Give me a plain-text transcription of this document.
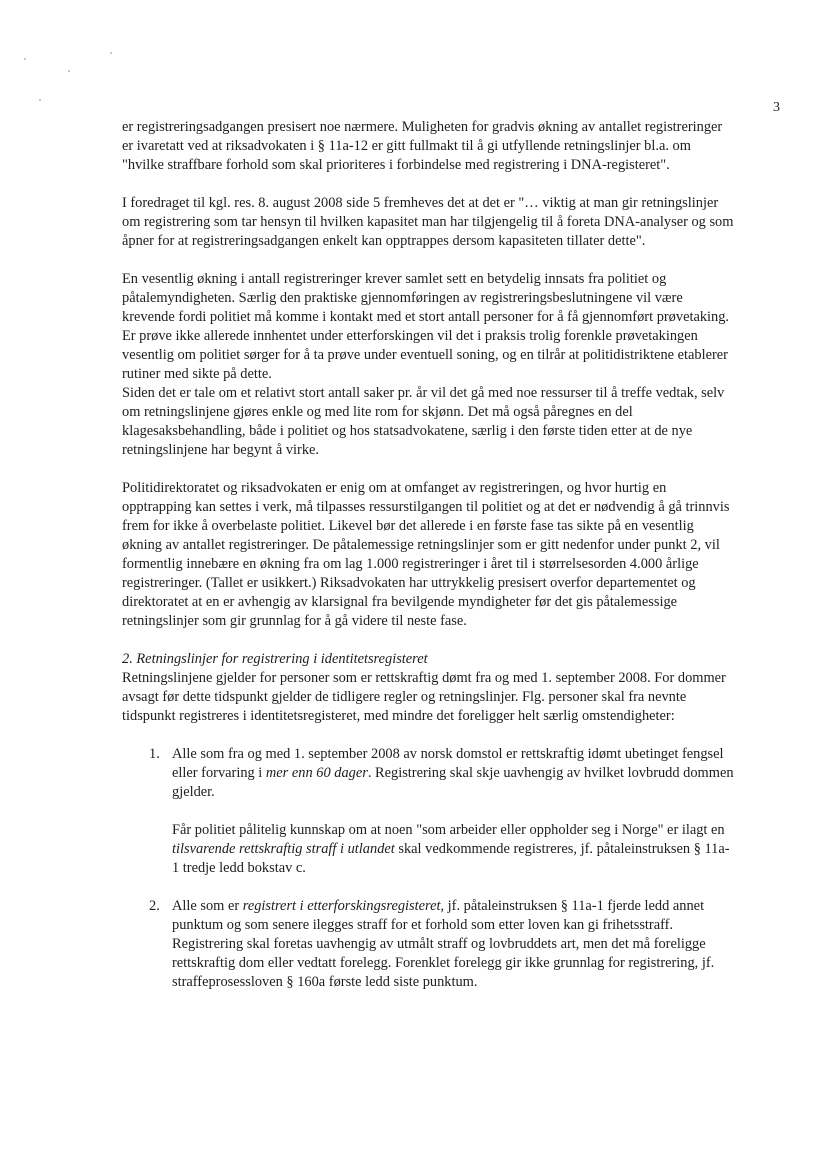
3

er registreringsadgangen presisert noe nærmere. Muligheten for gradvis økning av antallet registreringer er ivaretatt ved at riksadvokaten i § 11a-12 er gitt fullmakt til å gi utfyllende retningslinjer bl.a. om "hvilke straffbare forhold som skal prioriteres i forbindelse med registrering i DNA-registeret".

I foredraget til kgl. res. 8. august 2008 side 5 fremheves det at det er "… viktig at man gir retningslinjer om registrering som tar hensyn til hvilken kapasitet man har tilgjengelig til å foreta DNA-analyser og som åpner for at registreringsadgangen enkelt kan opptrappes dersom kapasiteten tillater dette".

En vesentlig økning i antall registreringer krever samlet sett en betydelig innsats fra politiet og påtalemyndigheten. Særlig den praktiske gjennomføringen av registreringsbeslutningene vil være krevende fordi politiet må komme i kontakt med et stort antall personer for å få gjennomført prøvetaking. Er prøve ikke allerede innhentet under etterforskingen vil det i praksis trolig forenkle prøvetakingen vesentlig om politiet sørger for å ta prøve under eventuell soning, og en tilrår at politidistriktene etablerer rutiner med sikte på dette.

Siden det er tale om et relativt stort antall saker pr. år vil det gå med noe ressurser til å treffe vedtak, selv om retningslinjene gjøres enkle og med lite rom for skjønn. Det må også påregnes en del klagesaksbehandling, både i politiet og hos statsadvokatene, særlig i den første tiden etter at de nye retningslinjene har begynt å virke.

Politidirektoratet og riksadvokaten er enig om at omfanget av registreringen, og hvor hurtig en opptrapping kan settes i verk, må tilpasses ressurstilgangen til politiet og at det er nødvendig å gå trinnvis frem for ikke å overbelaste politiet. Likevel bør det allerede i en første fase tas sikte på en vesentlig økning av antallet registreringer. De påtalemessige retningslinjer som er gitt nedenfor under punkt 2, vil formentlig innebære en økning fra om lag 1.000 registreringer i året til i størrelsesorden 4.000 årlige registreringer. (Tallet er usikkert.) Riksadvokaten har uttrykkelig presisert overfor departementet og direktoratet at en er avhengig av klarsignal fra bevilgende myndigheter før det gis påtalemessige retningslinjer som gir grunnlag for å gå videre til neste fase.

2. Retningslinjer for registrering i identitetsregisteret

Retningslinjene gjelder for personer som er rettskraftig dømt fra og med 1. september 2008. For dommer avsagt før dette tidspunkt gjelder de tidligere regler og retningslinjer. Flg. personer skal fra nevnte tidspunkt registreres i identitetsregisteret, med mindre det foreligger helt særlig omstendigheter:

1. Alle som fra og med 1. september 2008 av norsk domstol er rettskraftig idømt ubetinget fengsel eller forvaring i mer enn 60 dager. Registrering skal skje uavhengig av hvilket lovbrudd dommen gjelder.

Får politiet pålitelig kunnskap om at noen "som arbeider eller oppholder seg i Norge" er ilagt en tilsvarende rettskraftig straff i utlandet skal vedkommende registreres, jf. påtaleinstruksen § 11a-1 tredje ledd bokstav c.

2. Alle som er registrert i etterforskingsregisteret, jf. påtaleinstruksen § 11a-1 fjerde ledd annet punktum og som senere ilegges straff for et forhold som etter loven kan gi frihetsstraff. Registrering skal foretas uavhengig av utmålt straff og lovbruddets art, men det må foreligge rettskraftig dom eller vedtatt forelegg. Forenklet forelegg gir ikke grunnlag for registrering, jf. straffeprosessloven § 160a første ledd siste punktum.
